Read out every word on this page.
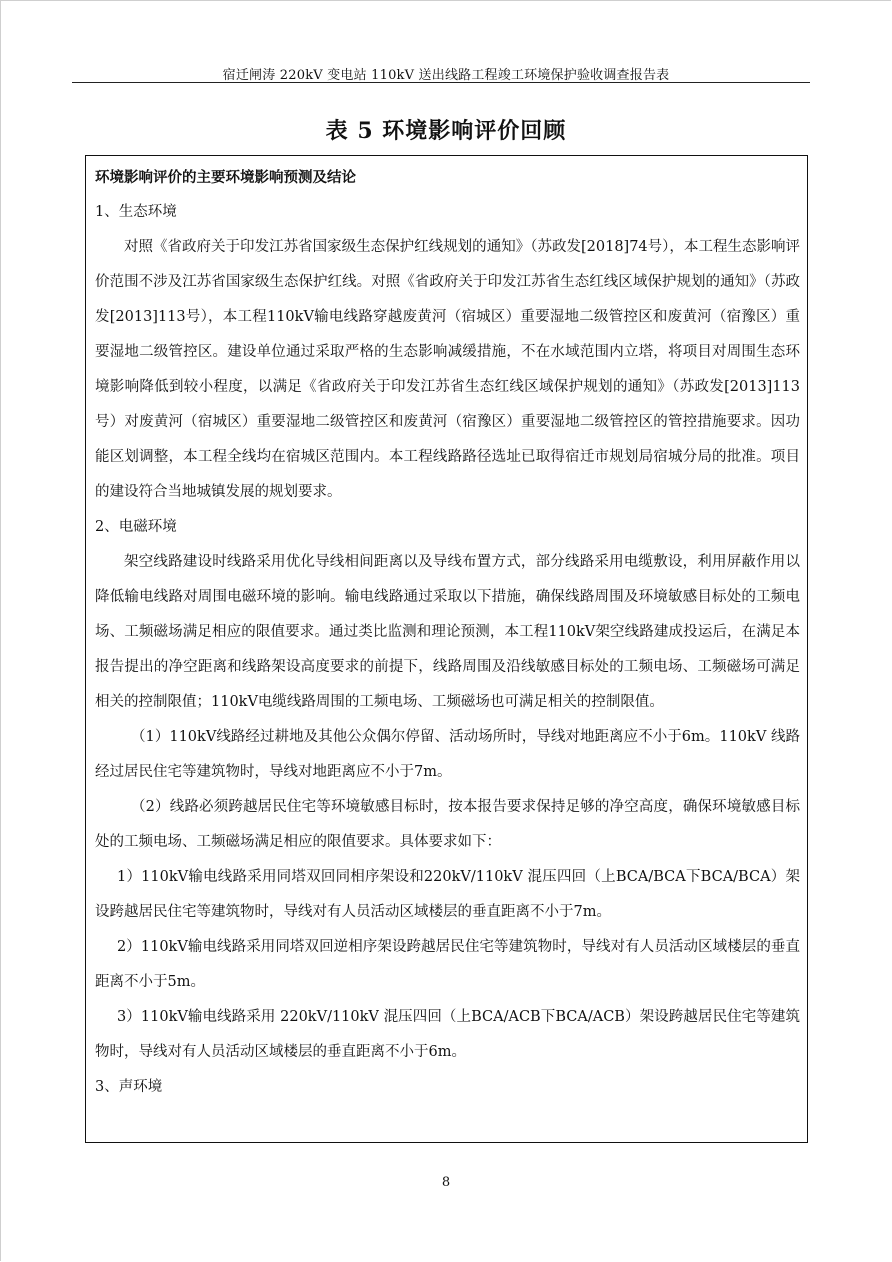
宿迁闸涛 220kV 变电站 110kV 送出线路工程竣工环境保护验收调查报告表
表 5 环境影响评价回顾

环境影响评价的主要环境影响预测及结论

1、生态环境

对照《省政府关于印发江苏省国家级生态保护红线规划的通知》（苏政发[2018]74号），本工程生态影响评价范围不涉及江苏省国家级生态保护红线。对照《省政府关于印发江苏省生态红线区域保护规划的通知》（苏政发[2013]113号），本工程110kV输电线路穿越废黄河（宿城区）重要湿地二级管控区和废黄河（宿豫区）重要湿地二级管控区。建设单位通过采取严格的生态影响减缓措施，不在水域范围内立塔，将项目对周围生态环境影响降低到较小程度，以满足《省政府关于印发江苏省生态红线区域保护规划的通知》（苏政发[2013]113号）对废黄河（宿城区）重要湿地二级管控区和废黄河（宿豫区）重要湿地二级管控区的管控措施要求。因功能区划调整，本工程全线均在宿城区范围内。本工程线路路径选址已取得宿迁市规划局宿城分局的批准。项目的建设符合当地城镇发展的规划要求。

2、电磁环境

架空线路建设时线路采用优化导线相间距离以及导线布置方式，部分线路采用电缆敷设，利用屏蔽作用以降低输电线路对周围电磁环境的影响。输电线路通过采取以下措施，确保线路周围及环境敏感目标处的工频电场、工频磁场满足相应的限值要求。通过类比监测和理论预测，本工程110kV架空线路建成投运后，在满足本报告提出的净空距离和线路架设高度要求的前提下，线路周围及沿线敏感目标处的工频电场、工频磁场可满足相关的控制限值；110kV电缆线路周围的工频电场、工频磁场也可满足相关的控制限值。

（1）110kV线路经过耕地及其他公众偶尔停留、活动场所时，导线对地距离应不小于6m。110kV 线路经过居民住宅等建筑物时，导线对地距离应不小于7m。

（2）线路必须跨越居民住宅等环境敏感目标时，按本报告要求保持足够的净空高度，确保环境敏感目标处的工频电场、工频磁场满足相应的限值要求。具体要求如下：

1）110kV输电线路采用同塔双回同相序架设和220kV/110kV 混压四回（上BCA/BCA下BCA/BCA）架设跨越居民住宅等建筑物时，导线对有人员活动区域楼层的垂直距离不小于7m。

2）110kV输电线路采用同塔双回逆相序架设跨越居民住宅等建筑物时，导线对有人员活动区域楼层的垂直距离不小于5m。

3）110kV输电线路采用 220kV/110kV 混压四回（上BCA/ACB下BCA/ACB）架设跨越居民住宅等建筑物时，导线对有人员活动区域楼层的垂直距离不小于6m。

3、声环境

8
